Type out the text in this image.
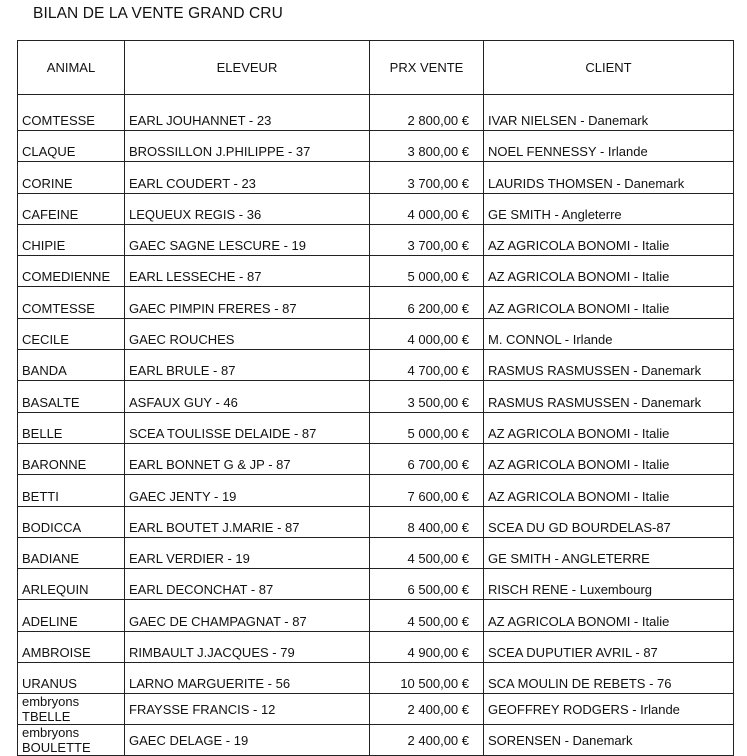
BILAN DE LA VENTE GRAND CRU
ANIMAL	ELEVEUR	PRX VENTE	CLIENT
COMTESSE	EARL JOUHANNET - 23	2 800,00 €	IVAR NIELSEN - Danemark
CLAQUE	BROSSILLON J.PHILIPPE - 37	3 800,00 €	NOEL FENNESSY - Irlande
CORINE	EARL COUDERT - 23	3 700,00 €	LAURIDS THOMSEN - Danemark
CAFEINE	LEQUEUX REGIS - 36	4 000,00 €	GE SMITH - Angleterre
CHIPIE	GAEC SAGNE LESCURE - 19	3 700,00 €	AZ AGRICOLA BONOMI - Italie
COMEDIENNE	EARL LESSECHE - 87	5 000,00 €	AZ AGRICOLA BONOMI - Italie
COMTESSE	GAEC PIMPIN FRERES - 87	6 200,00 €	AZ AGRICOLA BONOMI - Italie
CECILE	GAEC ROUCHES	4 000,00 €	M. CONNOL - Irlande
BANDA	EARL BRULE - 87	4 700,00 €	RASMUS RASMUSSEN - Danemark
BASALTE	ASFAUX GUY - 46	3 500,00 €	RASMUS RASMUSSEN - Danemark
BELLE	SCEA TOULISSE DELAIDE - 87	5 000,00 €	AZ AGRICOLA BONOMI - Italie
BARONNE	EARL BONNET G & JP - 87	6 700,00 €	AZ AGRICOLA BONOMI - Italie
BETTI	GAEC JENTY - 19	7 600,00 €	AZ AGRICOLA BONOMI - Italie
BODICCA	EARL BOUTET J.MARIE - 87	8 400,00 €	SCEA DU GD BOURDELAS-87
BADIANE	EARL VERDIER - 19	4 500,00 €	GE SMITH - ANGLETERRE
ARLEQUIN	EARL DECONCHAT - 87	6 500,00 €	RISCH RENE - Luxembourg
ADELINE	GAEC DE CHAMPAGNAT - 87	4 500,00 €	AZ AGRICOLA BONOMI - Italie
AMBROISE	RIMBAULT J.JACQUES - 79	4 900,00 €	SCEA DUPUTIER AVRIL - 87
URANUS	LARNO MARGUERITE - 56	10 500,00 €	SCA MOULIN DE REBETS - 76

embryons
TBELLE	FRAYSSE FRANCIS - 12	2 400,00 €	GEOFFREY RODGERS - Irlande

embryons
BOULETTE	GAEC DELAGE - 19	2 400,00 €	SORENSEN - Danemark
